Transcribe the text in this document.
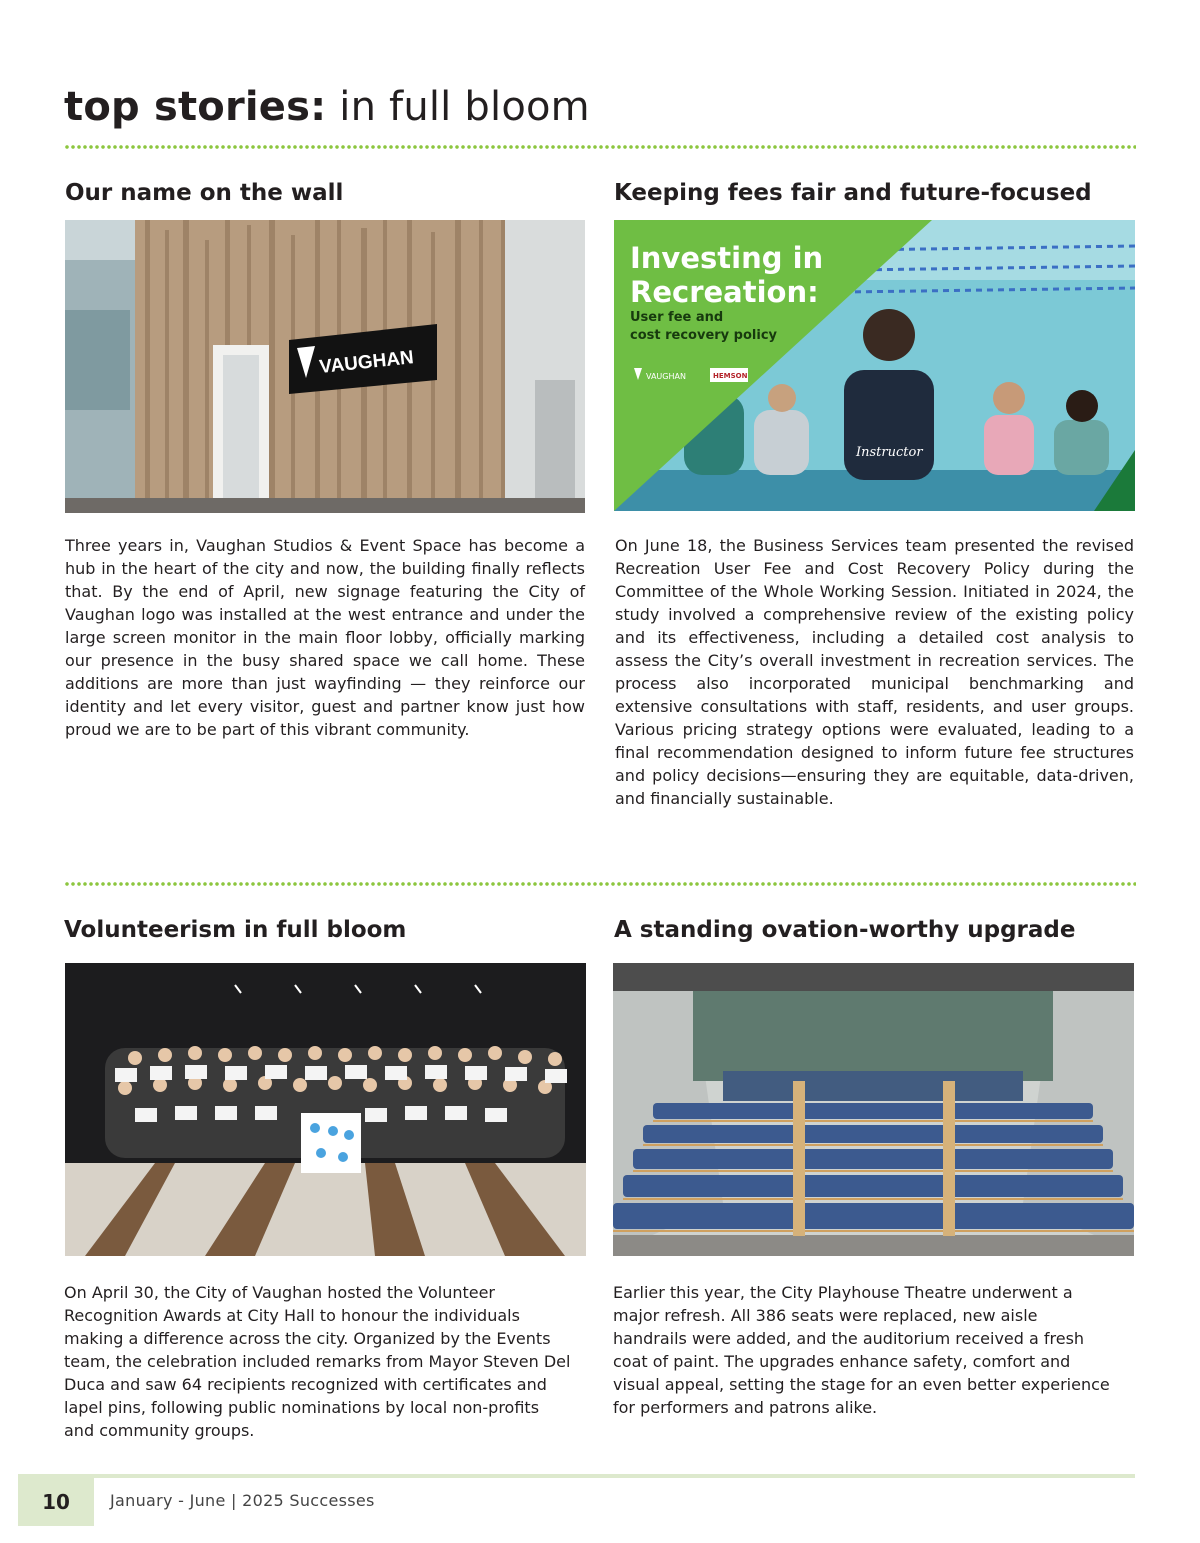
top stories: in full bloom
Our name on the wall
VAUGHAN

Three years in, Vaughan Studios & Event Space has become a hub in the heart of the city and now, the building finally reflects that. By the end of April, new signage featuring the City of Vaughan logo was installed at the west entrance and under the large screen monitor in the main floor lobby, officially marking our presence in the busy shared space we call home. These additions are more than just wayfinding — they reinforce our identity and let every visitor, guest and partner know just how proud we are to be part of this vibrant community.

Keeping fees fair and future-focused
Instructor
Investing in
Recreation:
User fee and
cost recovery policy
VAUGHAN	HEMSON

On June 18, the Business Services team presented the revised Recreation User Fee and Cost Recovery Policy during the Committee of the Whole Working Session. Initiated in 2024, the study involved a comprehensive review of the existing policy and its effectiveness, including a detailed cost analysis to assess the City’s overall investment in recreation services. The process also incorporated municipal benchmarking and extensive consultations with staff, residents, and user groups. Various pricing strategy options were evaluated, leading to a final recommendation designed to inform future fee structures and policy decisions—ensuring they are equitable, data-driven, and financially sustainable.

Volunteerism in full bloom

On April 30, the City of Vaughan hosted the Volunteer Recognition Awards at City Hall to honour the individuals making a difference across the city. Organized by the Events team, the celebration included remarks from Mayor Steven Del Duca and saw 64 recipients recognized with certificates and lapel pins, following public nominations by local non-profits and community groups.

A standing ovation-worthy upgrade

Earlier this year, the City Playhouse Theatre underwent a major refresh. All 386 seats were replaced, new aisle handrails were added, and the auditorium received a fresh coat of paint. The upgrades enhance safety, comfort and visual appeal, setting the stage for an even better experience for performers and patrons alike.

10	January - June | 2025 Successes
